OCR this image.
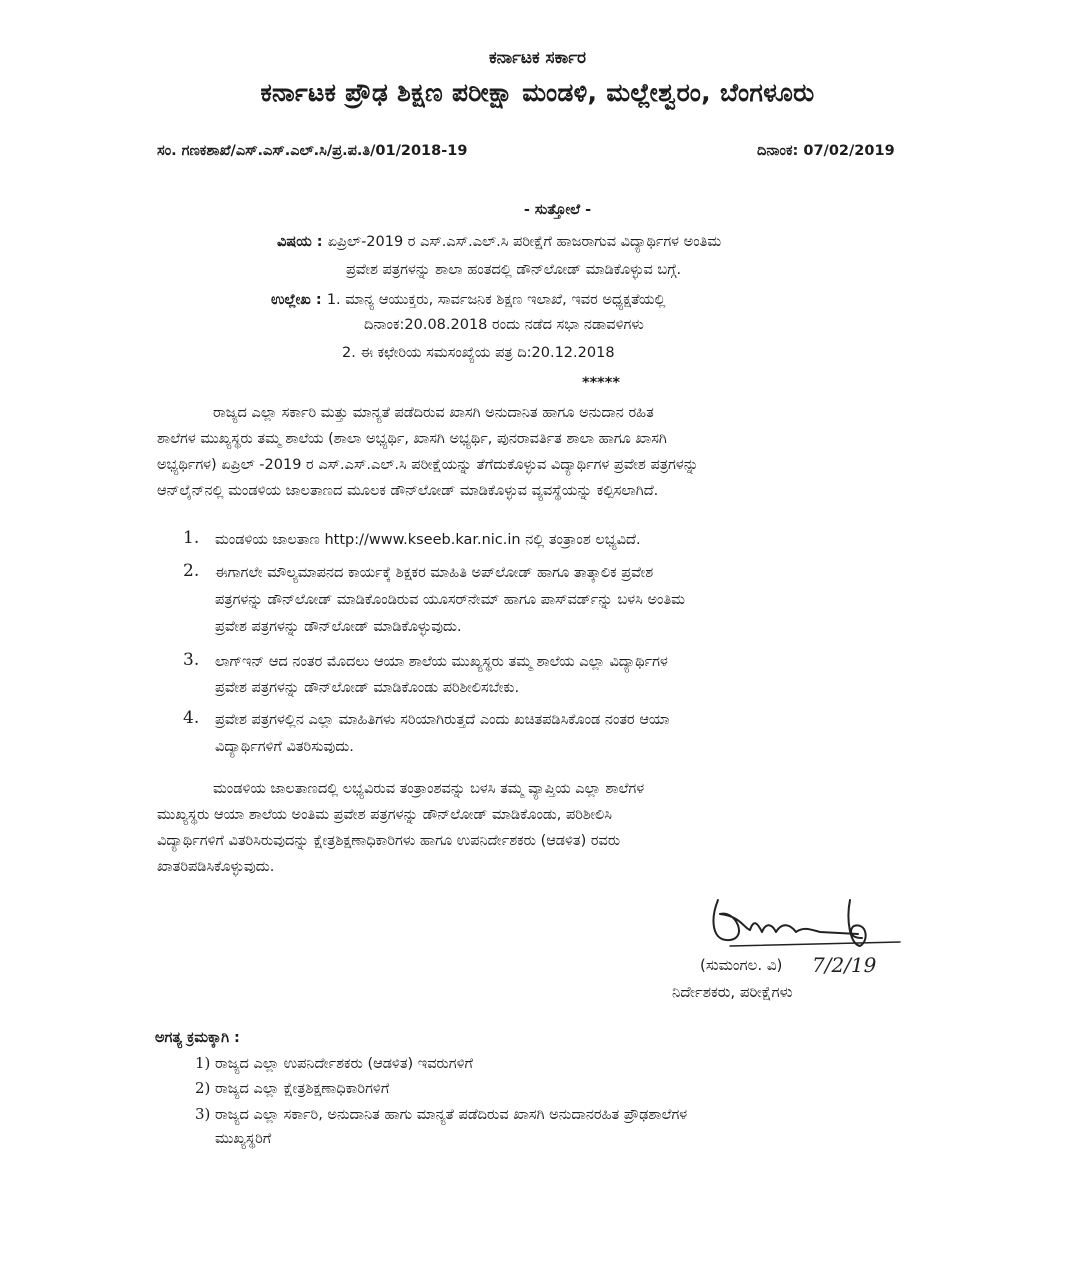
ಕರ್ನಾಟಕ ಸರ್ಕಾರ
ಕರ್ನಾಟಕ ಪ್ರೌಢ ಶಿಕ್ಷಣ ಪರೀಕ್ಷಾ ಮಂಡಳಿ, ಮಲ್ಲೇಶ್ವರಂ, ಬೆಂಗಳೂರು
ಸಂ. ಗಣಕಶಾಖೆ/ಎಸ್.ಎಸ್.ಎಲ್.ಸಿ/ಪ್ರ.ಪ.ತಿ/01/2018-19	ದಿನಾಂಕ: 07/02/2019
- ಸುತ್ತೋಲೆ -
ವಿಷಯ : ಏಪ್ರಿಲ್-2019 ರ ಎಸ್.ಎಸ್.ಎಲ್.ಸಿ ಪರೀಕ್ಷೆಗೆ ಹಾಜರಾಗುವ ವಿದ್ಯಾರ್ಥಿಗಳ ಅಂತಿಮ
ಪ್ರವೇಶ ಪತ್ರಗಳನ್ನು ಶಾಲಾ ಹಂತದಲ್ಲಿ ಡೌನ್‌ಲೋಡ್ ಮಾಡಿಕೊಳ್ಳುವ ಬಗ್ಗೆ.
ಉಲ್ಲೇಖ : 1. ಮಾನ್ಯ ಆಯುಕ್ತರು, ಸಾರ್ವಜನಿಕ ಶಿಕ್ಷಣ ಇಲಾಖೆ, ಇವರ ಅಧ್ಯಕ್ಷತೆಯಲ್ಲಿ
ದಿನಾಂಕ:20.08.2018 ರಂದು ನಡೆದ ಸಭಾ ನಡಾವಳಿಗಳು
2. ಈ ಕಛೇರಿಯ ಸಮಸಂಖ್ಯೆಯ ಪತ್ರ ದಿ:20.12.2018
*****
ರಾಜ್ಯದ ಎಲ್ಲಾ ಸರ್ಕಾರಿ ಮತ್ತು ಮಾನ್ಯತೆ ಪಡೆದಿರುವ ಖಾಸಗಿ ಅನುದಾನಿತ ಹಾಗೂ ಅನುದಾನ ರಹಿತ
ಶಾಲೆಗಳ ಮುಖ್ಯಸ್ಥರು ತಮ್ಮ ಶಾಲೆಯ (ಶಾಲಾ ಅಭ್ಯರ್ಥಿ, ಖಾಸಗಿ ಅಭ್ಯರ್ಥಿ, ಪುನರಾವರ್ತಿತ ಶಾಲಾ ಹಾಗೂ ಖಾಸಗಿ
ಅಭ್ಯರ್ಥಿಗಳ) ಏಪ್ರಿಲ್ -2019 ರ ಎಸ್.ಎಸ್.ಎಲ್.ಸಿ ಪರೀಕ್ಷೆಯನ್ನು ತೆಗೆದುಕೊಳ್ಳುವ ವಿದ್ಯಾರ್ಥಿಗಳ ಪ್ರವೇಶ ಪತ್ರಗಳನ್ನು
ಆನ್‌ಲೈನ್‌ನಲ್ಲಿ ಮಂಡಳಿಯ ಜಾಲತಾಣದ ಮೂಲಕ ಡೌನ್‌ಲೋಡ್ ಮಾಡಿಕೊಳ್ಳುವ ವ್ಯವಸ್ಥೆಯನ್ನು ಕಲ್ಪಿಸಲಾಗಿದೆ.
1. ಮಂಡಳಿಯ ಜಾಲತಾಣ http://www.kseeb.kar.nic.in ನಲ್ಲಿ ತಂತ್ರಾಂಶ ಲಭ್ಯವಿದೆ.
2. ಈಗಾಗಲೇ ಮೌಲ್ಯಮಾಪನದ ಕಾರ್ಯಕ್ಕೆ ಶಿಕ್ಷಕರ ಮಾಹಿತಿ ಅಪ್‌ಲೋಡ್ ಹಾಗೂ ತಾತ್ಕಾಲಿಕ ಪ್ರವೇಶ
ಪತ್ರಗಳನ್ನು ಡೌನ್‌ಲೋಡ್ ಮಾಡಿಕೊಂಡಿರುವ ಯೂಸರ್‌ನೇಮ್ ಹಾಗೂ ಪಾಸ್‌ವರ್ಡ್‌ನ್ನು ಬಳಸಿ ಅಂತಿಮ
ಪ್ರವೇಶ ಪತ್ರಗಳನ್ನು ಡೌನ್‌ಲೋಡ್ ಮಾಡಿಕೊಳ್ಳುವುದು.
3. ಲಾಗ್‌ಇನ್ ಆದ ನಂತರ ಮೊದಲು ಆಯಾ ಶಾಲೆಯ ಮುಖ್ಯಸ್ಥರು ತಮ್ಮ ಶಾಲೆಯ ಎಲ್ಲಾ ವಿದ್ಯಾರ್ಥಿಗಳ
ಪ್ರವೇಶ ಪತ್ರಗಳನ್ನು ಡೌನ್‌ಲೋಡ್ ಮಾಡಿಕೊಂಡು ಪರಿಶೀಲಿಸಬೇಕು.
4. ಪ್ರವೇಶ ಪತ್ರಗಳಲ್ಲಿನ ಎಲ್ಲಾ ಮಾಹಿತಿಗಳು ಸರಿಯಾಗಿರುತ್ತದೆ ಎಂದು ಖಚಿತಪಡಿಸಿಕೊಂಡ ನಂತರ ಆಯಾ
ವಿದ್ಯಾರ್ಥಿಗಳಿಗೆ ವಿತರಿಸುವುದು.
ಮಂಡಳಿಯ ಜಾಲತಾಣದಲ್ಲಿ ಲಭ್ಯವಿರುವ ತಂತ್ರಾಂಶವನ್ನು ಬಳಸಿ ತಮ್ಮ ವ್ಯಾಪ್ತಿಯ ಎಲ್ಲಾ ಶಾಲೆಗಳ
ಮುಖ್ಯಸ್ಥರು ಆಯಾ ಶಾಲೆಯ ಅಂತಿಮ ಪ್ರವೇಶ ಪತ್ರಗಳನ್ನು ಡೌನ್‌ಲೋಡ್ ಮಾಡಿಕೊಂಡು, ಪರಿಶೀಲಿಸಿ
ವಿದ್ಯಾರ್ಥಿಗಳಿಗೆ ವಿತರಿಸಿರುವುದನ್ನು ಕ್ಷೇತ್ರಶಿಕ್ಷಣಾಧಿಕಾರಿಗಳು ಹಾಗೂ ಉಪನಿರ್ದೇಶಕರು (ಆಡಳಿತ) ರವರು
ಖಾತರಿಪಡಿಸಿಕೊಳ್ಳುವುದು.
(ಸುಮಂಗಲ. ವಿ) 7/2/19
ನಿರ್ದೇಶಕರು, ಪರೀಕ್ಷೆಗಳು
ಅಗತ್ಯ ಕ್ರಮಕ್ಕಾಗಿ :
1) ರಾಜ್ಯದ ಎಲ್ಲಾ ಉಪನಿರ್ದೇಶಕರು (ಆಡಳಿತ) ಇವರುಗಳಿಗೆ
2) ರಾಜ್ಯದ ಎಲ್ಲಾ ಕ್ಷೇತ್ರಶಿಕ್ಷಣಾಧಿಕಾರಿಗಳಿಗೆ
3) ರಾಜ್ಯದ ಎಲ್ಲಾ ಸರ್ಕಾರಿ, ಅನುದಾನಿತ ಹಾಗು ಮಾನ್ಯತೆ ಪಡೆದಿರುವ ಖಾಸಗಿ ಅನುದಾನರಹಿತ ಪ್ರೌಢಶಾಲೆಗಳ
ಮುಖ್ಯಸ್ಥರಿಗೆ
